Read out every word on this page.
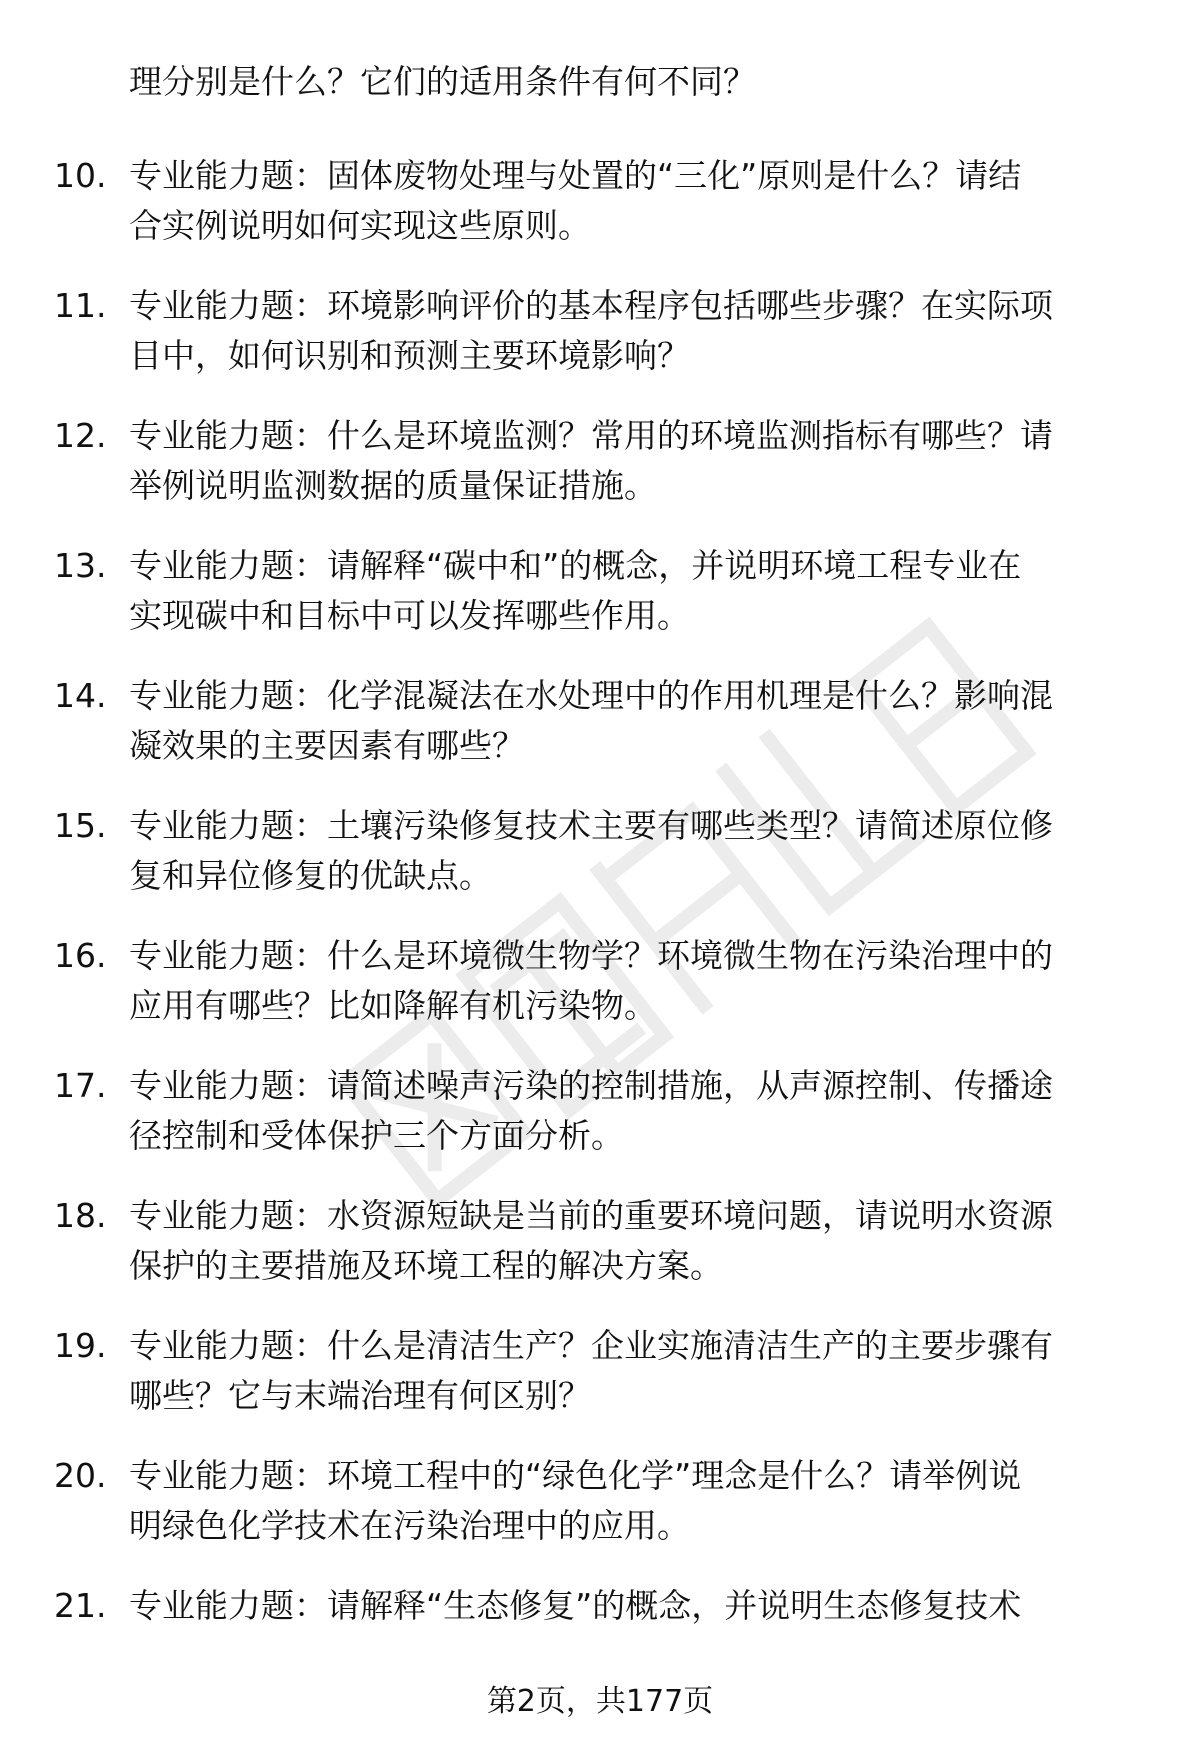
理分别是什么？它们的适用条件有何不同？
10. 专业能力题：固体废物处理与处置的“三化”原则是什么？请结
合实例说明如何实现这些原则。
11. 专业能力题：环境影响评价的基本程序包括哪些步骤？在实际项
目中，如何识别和预测主要环境影响？
12. 专业能力题：什么是环境监测？常用的环境监测指标有哪些？请
举例说明监测数据的质量保证措施。
13. 专业能力题：请解释“碳中和”的概念，并说明环境工程专业在
实现碳中和目标中可以发挥哪些作用。
14. 专业能力题：化学混凝法在水处理中的作用机理是什么？影响混
凝效果的主要因素有哪些？
15. 专业能力题：土壤污染修复技术主要有哪些类型？请简述原位修
复和异位修复的优缺点。
16. 专业能力题：什么是环境微生物学？环境微生物在污染治理中的
应用有哪些？比如降解有机污染物。
17. 专业能力题：请简述噪声污染的控制措施，从声源控制、传播途
径控制和受体保护三个方面分析。
18. 专业能力题：水资源短缺是当前的重要环境问题，请说明水资源
保护的主要措施及环境工程的解决方案。
19. 专业能力题：什么是清洁生产？企业实施清洁生产的主要步骤有
哪些？它与末端治理有何区别？
20. 专业能力题：环境工程中的“绿色化学”理念是什么？请举例说
明绿色化学技术在污染治理中的应用。
21. 专业能力题：请解释“生态修复”的概念，并说明生态修复技术
第2页，共177页
